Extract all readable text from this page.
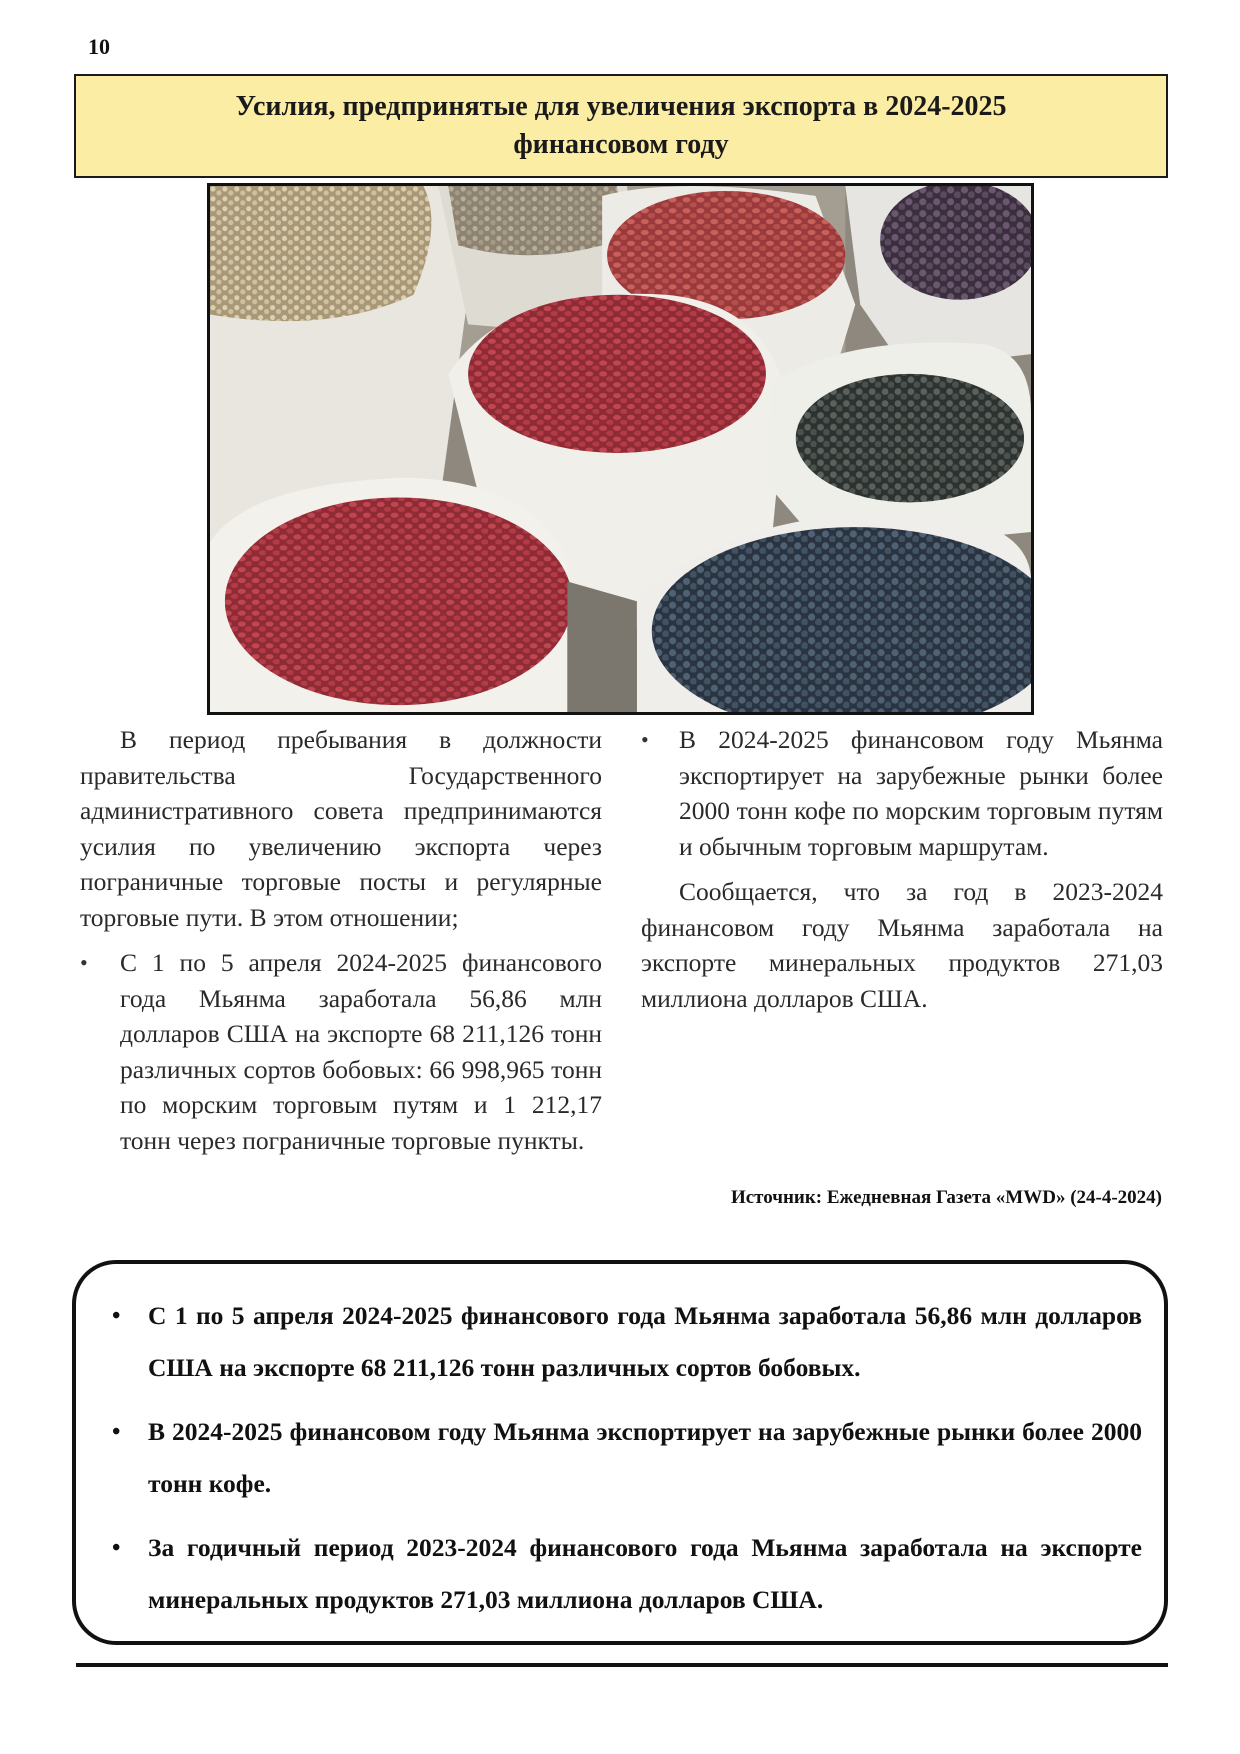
10
Усилия, предпринятые для увеличения экспорта в 2024-2025 финансовом году

В период пребывания в должности правительства Государственного административного совета предпринимаются усилия по увеличению экспорта через пограничные торговые посты и регулярные торговые пути. В этом отношении;

• С 1 по 5 апреля 2024-2025 финансового года Мьянма заработала 56,86 млн долларов США на экспорте 68 211,126 тонн различных сортов бобовых: 66 998,965 тонн по морским торговым путям и 1 212,17 тонн через пограничные торговые пункты.
• В 2024-2025 финансовом году Мьянма экспортирует на зарубежные рынки более 2000 тонн кофе по морским торговым путям и обычным торговым маршрутам.

Сообщается, что за год в 2023-2024 финансовом году Мьянма заработала на экспорте минеральных продуктов 271,03 миллиона долларов США.

Источник: Ежедневная Газета «MWD» (24-4-2024)
• С 1 по 5 апреля 2024-2025 финансового года Мьянма заработала 56,86 млн долларов США на экспорте 68 211,126 тонн различных сортов бобовых.
• В 2024-2025 финансовом году Мьянма экспортирует на зарубежные рынки более 2000 тонн кофе.
• За годичный период 2023-2024 финансового года Мьянма заработала на экспорте минеральных продуктов 271,03 миллиона долларов США.
